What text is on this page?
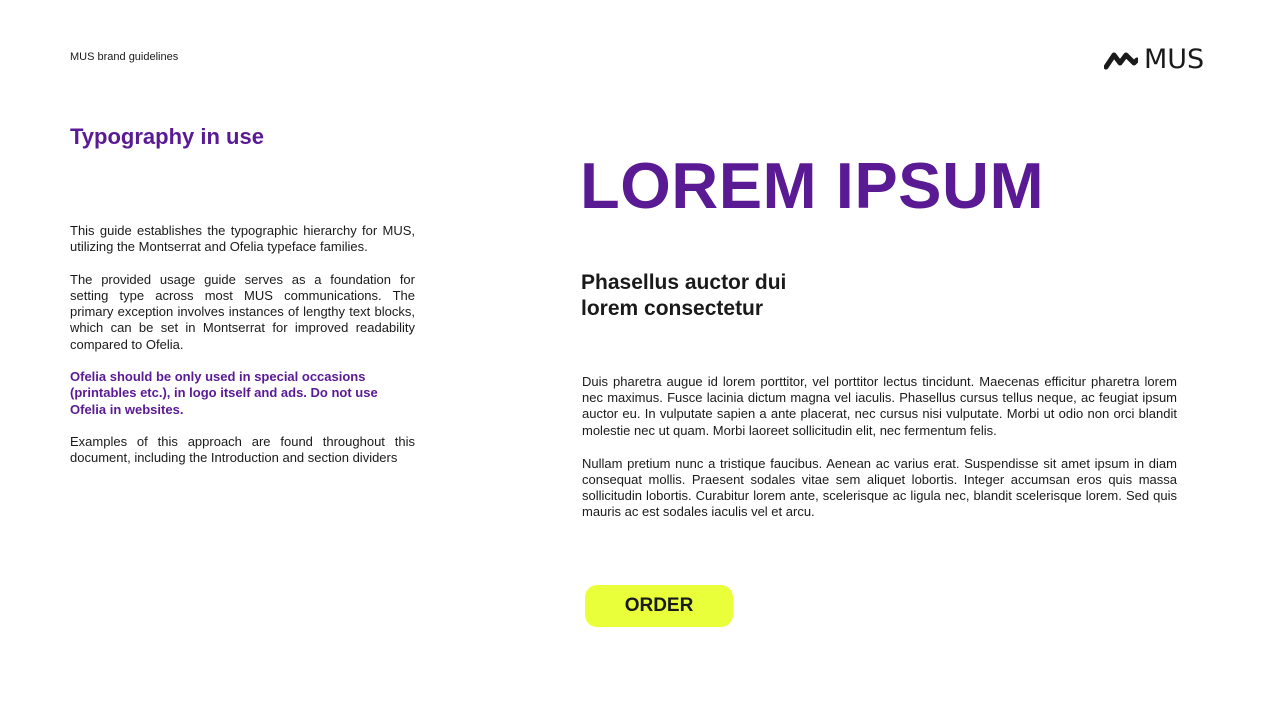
MUS brand guidelines	MUS
Typography in use

This guide establishes the typographic hierarchy for MUS, utilizing the Montserrat and Ofelia typeface families.

The provided usage guide serves as a foundation for setting type across most MUS communications. The primary exception involves instances of lengthy text blocks, which can be set in Montserrat for improved readability compared to Ofelia.

Ofelia should be only used in special occasions (printables etc.), in logo itself and ads. Do not use Ofelia in websites.

Examples of this approach are found throughout this document, including the Introduction and section dividers

LOREM IPSUM
Phasellus auctor dui
lorem consectetur

Duis pharetra augue id lorem porttitor, vel porttitor lectus tincidunt. Maecenas efficitur pharetra lorem nec maximus. Fusce lacinia dictum magna vel iaculis. Phasellus cursus tellus neque, ac feugiat ipsum auctor eu. In vulputate sapien a ante placerat, nec cursus nisi vulputate. Morbi ut odio non orci blandit molestie nec ut quam. Morbi laoreet sollicitudin elit, nec fermentum felis.

Nullam pretium nunc a tristique faucibus. Aenean ac varius erat. Suspendisse sit amet ipsum in diam consequat mollis. Praesent sodales vitae sem aliquet lobortis. Integer accumsan eros quis massa sollicitudin lobortis. Curabitur lorem ante, scelerisque ac ligula nec, blandit scelerisque lorem. Sed quis mauris ac est sodales iaculis vel et arcu.

ORDER
